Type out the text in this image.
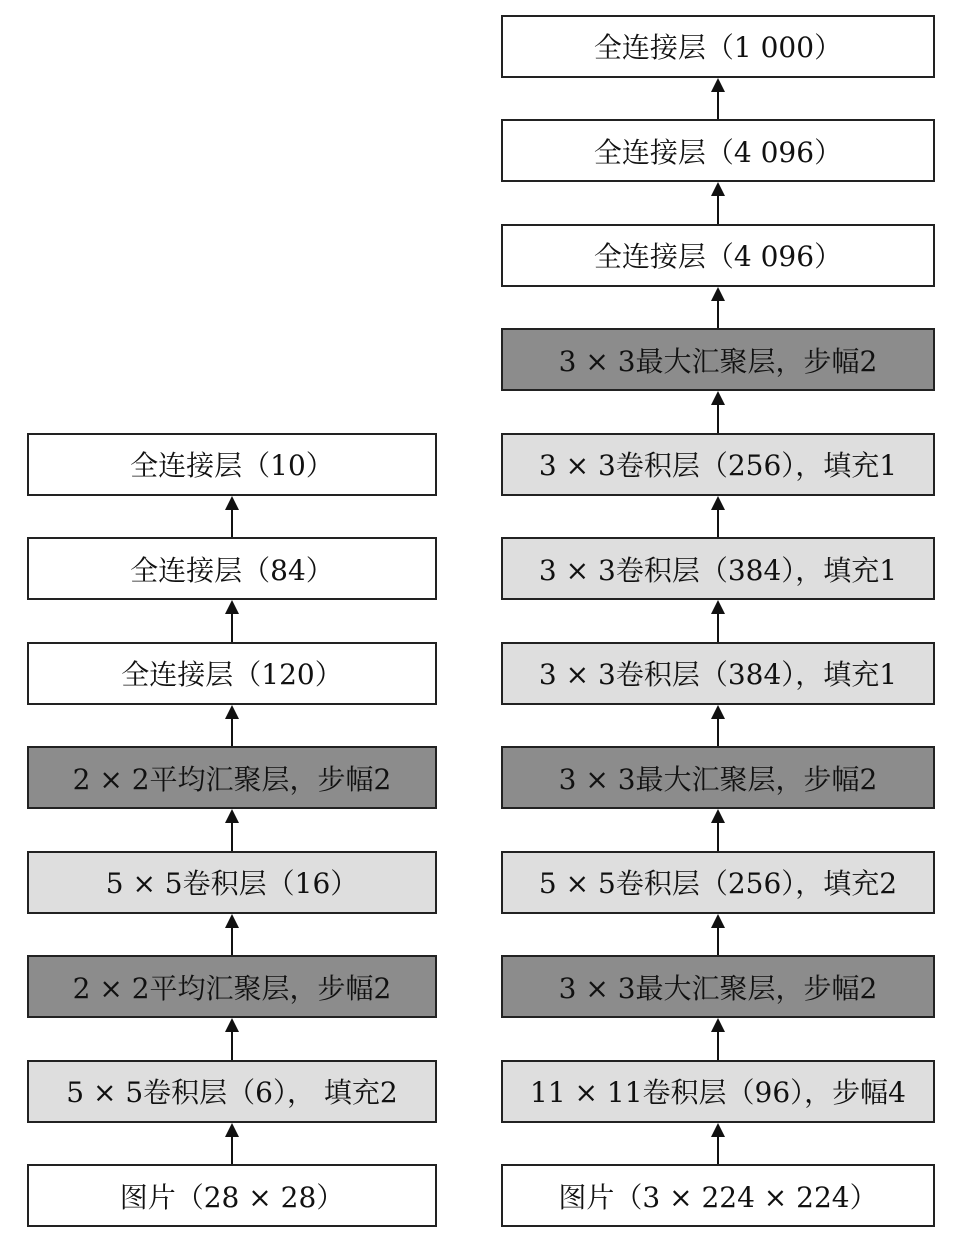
全连接层（10）
全连接层（84）
全连接层（120）
2 × 2平均汇聚层，步幅2
5 × 5卷积层（16）
2 × 2平均汇聚层，步幅2
5 × 5卷积层（6）， 填充2
图片（28 × 28）
全连接层（1 000）
全连接层（4 096）
全连接层（4 096）
3 × 3最大汇聚层，步幅2
3 × 3卷积层（256），填充1
3 × 3卷积层（384），填充1
3 × 3卷积层（384），填充1
3 × 3最大汇聚层，步幅2
5 × 5卷积层（256），填充2
3 × 3最大汇聚层，步幅2
11 × 11卷积层（96），步幅4
图片（3 × 224 × 224）
